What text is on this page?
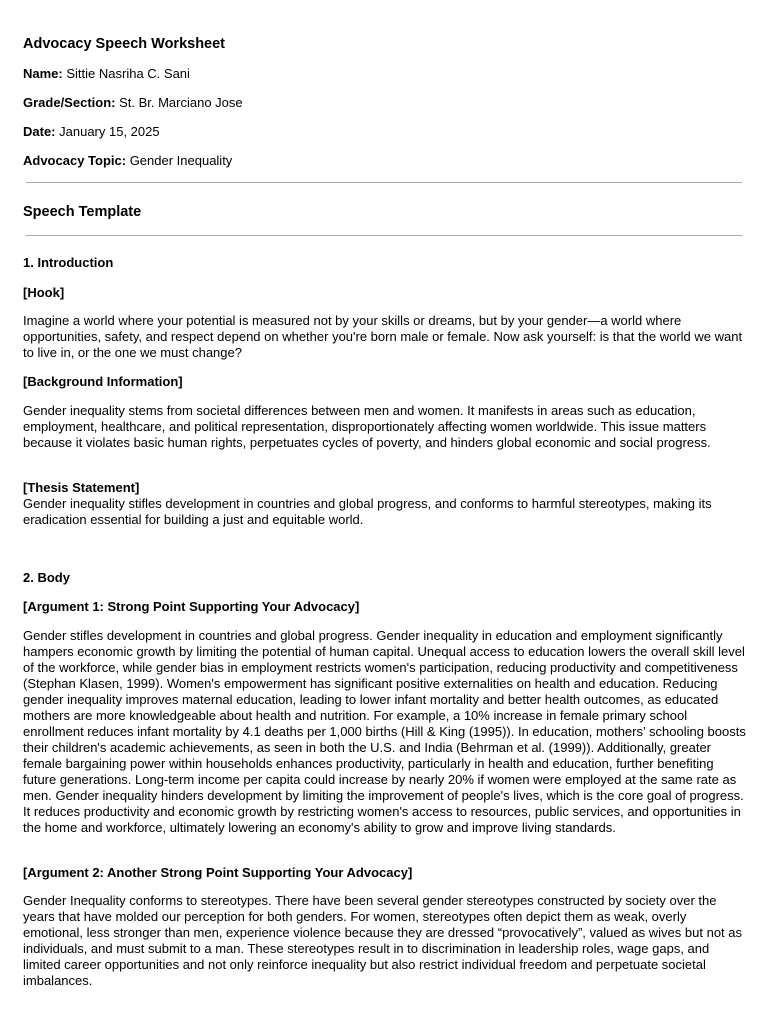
Advocacy Speech Worksheet
Name: Sittie Nasriha C. Sani
Grade/Section: St. Br. Marciano Jose
Date: January 15, 2025
Advocacy Topic: Gender Inequality
Speech Template
1. Introduction
[Hook]

Imagine a world where your potential is measured not by your skills or dreams, but by your gender—a world where opportunities, safety, and respect depend on whether you're born male or female. Now ask yourself: is that the world we want to live in, or the one we must change?

[Background Information]

Gender inequality stems from societal differences between men and women. It manifests in areas such as education, employment, healthcare, and political representation, disproportionately affecting women worldwide. This issue matters because it violates basic human rights, perpetuates cycles of poverty, and hinders global economic and social progress.

[Thesis Statement]

Gender inequality stifles development in countries and global progress, and conforms to harmful stereotypes, making its eradication essential for building a just and equitable world.

2. Body
[Argument 1: Strong Point Supporting Your Advocacy]

Gender stifles development in countries and global progress. Gender inequality in education and employment significantly hampers economic growth by limiting the potential of human capital. Unequal access to education lowers the overall skill level of the workforce, while gender bias in employment restricts women's participation, reducing productivity and competitiveness (Stephan Klasen, 1999). Women's empowerment has significant positive externalities on health and education. Reducing gender inequality improves maternal education, leading to lower infant mortality and better health outcomes, as educated mothers are more knowledgeable about health and nutrition. For example, a 10% increase in female primary school enrollment reduces infant mortality by 4.1 deaths per 1,000 births (Hill & King (1995)). In education, mothers’ schooling boosts their children's academic achievements, as seen in both the U.S. and India (Behrman et al. (1999)). Additionally, greater female bargaining power within households enhances productivity, particularly in health and education, further benefiting future generations. Long-term income per capita could increase by nearly 20% if women were employed at the same rate as men. Gender inequality hinders development by limiting the improvement of people's lives, which is the core goal of progress. It reduces productivity and economic growth by restricting women's access to resources, public services, and opportunities in the home and workforce, ultimately lowering an economy's ability to grow and improve living standards.

[Argument 2: Another Strong Point Supporting Your Advocacy]

Gender Inequality conforms to stereotypes. There have been several gender stereotypes constructed by society over the years that have molded our perception for both genders. For women, stereotypes often depict them as weak, overly emotional, less stronger than men, experience violence because they are dressed “provocatively”, valued as wives but not as individuals, and must submit to a man. These stereotypes result in to discrimination in leadership roles, wage gaps, and limited career opportunities and not only reinforce inequality but also restrict individual freedom and perpetuate societal imbalances.
